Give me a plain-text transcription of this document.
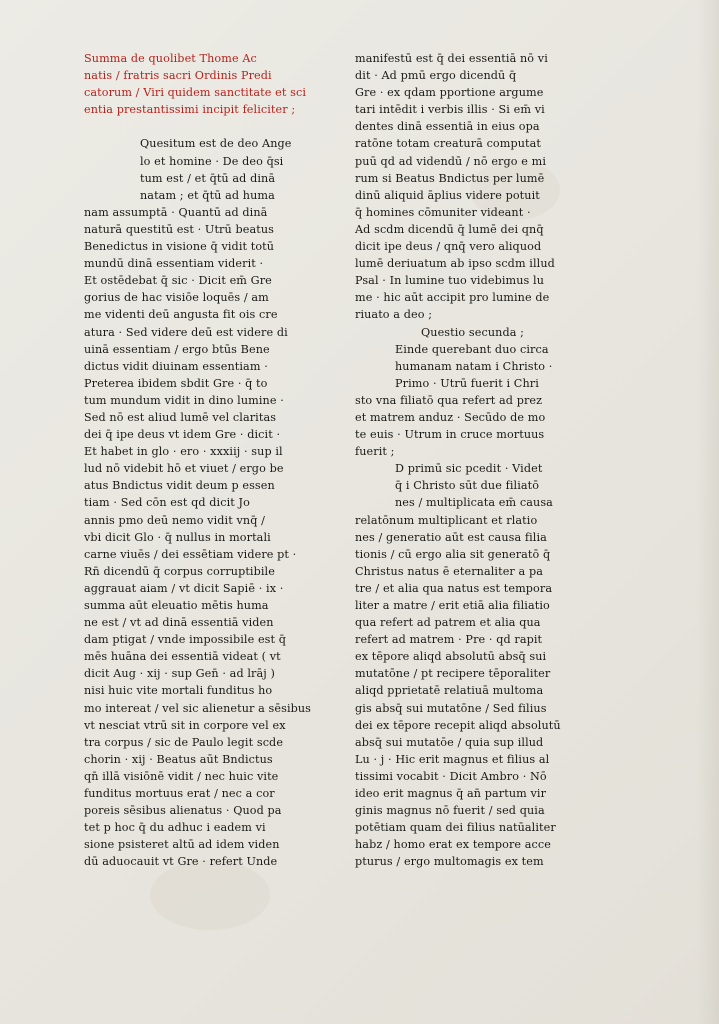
Summa de quolibet Thome Ac
natis / fratris sacri Ordinis Predi
catorum / Viri quidem sanctitate et sci
entia prestantissimi incipit feliciter ;
Quesitum est de deo Ange
lo et homine · De deo q̄si
tum est / et q̄tū ad dinā
natam ; et q̄tū ad huma
nam assumptā · Quantū ad dinā
naturā questitū est · Utrū beatus
Benedictus in visione q̄ vidit totū
mundū dinā essentiam viderit ·
Et ostēdebat q̄ sic · Dicit em̄ Gre
gorius de hac visiōe loquēs / am
me videnti deū angusta fit ois cre
atura · Sed videre deū est videre di
uinā essentiam / ergo btūs Bene
dictus vidit diuinam essentiam ·
Preterea ibidem sbdit Gre · q̄ to
tum mundum vidit in dino lumine ·
Sed nō est aliud lumē vel claritas
dei q̄ ipe deus vt idem Gre · dicit ·
Et habet in glo · ero · xxxiij · sup il
lud nō videbit hō et viuet / ergo be
atus Bndictus vidit deum p essen
tiam · Sed cōn est qd dicit Jo
annis pmo deū nemo vidit vnq̄ /
vbi dicit Glo · q̄ nullus in mortali
carne viuēs / dei essētiam videre pt ·
Rn̄ dicendū q̄ corpus corruptibile
aggrauat aiam / vt dicit Sapiē · ix ·
summa aūt eleuatio mētis huma
ne est / vt ad dinā essentiā viden
dam ptigat / vnde impossibile est q̄
mēs huāna dei essentiā videat ( vt
dicit Aug · xij · sup Gen̄ · ad lrāj )
nisi huic vite mortali funditus ho
mo intereat / vel sic alienetur a sēsibus
vt nesciat vtrū sit in corpore vel ex
tra corpus / sic de Paulo legit scde
chorin · xij · Beatus aūt Bndictus
qn̄ illā visiōnē vidit / nec huic vite
funditus mortuus erat / nec a cor
poreis sēsibus alienatus · Quod pa
tet p hoc q̄ du adhuc i eadem vi
sione psisteret altū ad idem viden
dū aduocauit vt Gre · refert Unde
manifestū est q̄ dei essentiā nō vi
dit · Ad pmū ergo dicendū q̄
Gre · ex qdam pportione argume
tari intēdit i verbis illis · Si em̄ vi
dentes dinā essentiā in eius opa
ratōne totam creaturā computat
puū qd ad videndū / nō ergo e mi
rum si Beatus Bndictus per lumē
dinū aliquid āplius videre potuit
q̄ homines cōmuniter videant ·
Ad scdm dicendū q̄ lumē dei qnq̄
dicit ipe deus / qnq̄ vero aliquod
lumē deriuatum ab ipso scdm illud
Psal · In lumine tuo videbimus lu
me · hic aūt accipit pro lumine de
riuato a deo ;
Questio secunda ;
Einde querebant duo circa
humanam natam i Christo ·
Primo · Utrū fuerit i Chri
sto vna filiatō qua refert ad prez
et matrem anduz · Secūdo de mo
te euis · Utrum in cruce mortuus
fuerit ;
D primū sic pcedit · Videt
q̄ i Christo sūt due filiatō
nes / multiplicata em̄ causa
relatōnum multiplicant et rlatio
nes / generatio aūt est causa filia
tionis / cū ergo alia sit generatō q̄
Christus natus ē eternaliter a pa
tre / et alia qua natus est tempora
liter a matre / erit etiā alia filiatio
qua refert ad patrem et alia qua
refert ad matrem · Pre · qd rapit
ex tēpore aliqd absolutū absq̄ sui
mutatōne / pt recipere tēporaliter
aliqd pprietatē relatiuā multoma
gis absq̄ sui mutatōne / Sed filius
dei ex tēpore recepit aliqd absolutū
absq̄ sui mutatōe / quia sup illud
Lu · j · Hic erit magnus et filius al
tissimi vocabit · Dicit Ambro · Nō
ideo erit magnus q̄ an̄ partum vir
ginis magnus nō fuerit / sed quia
potētiam quam dei filius natūaliter
habz / homo erat ex tempore acce
pturus / ergo multomagis ex tem
